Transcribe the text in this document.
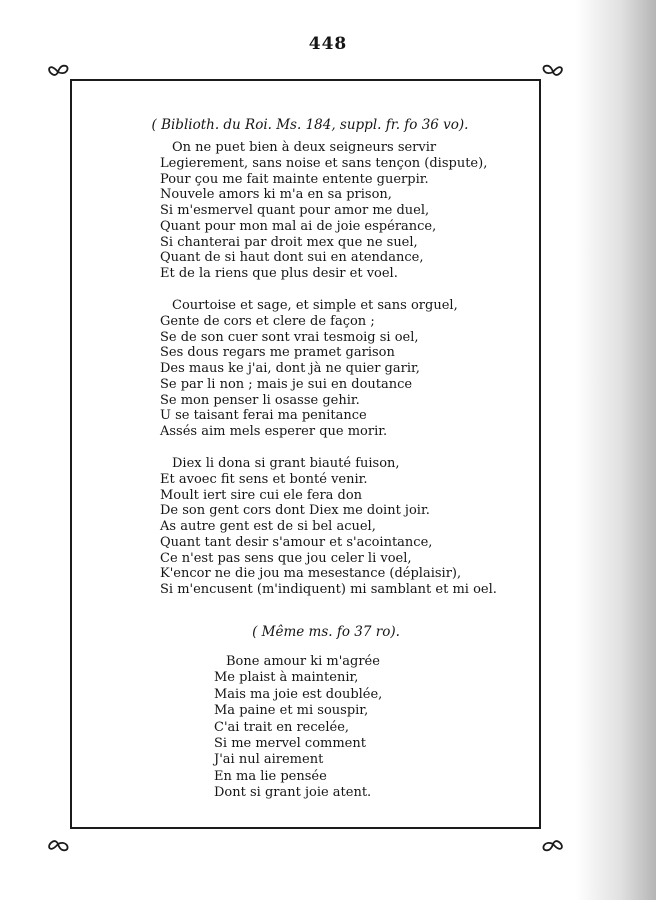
448

( Biblioth. du Roi. Ms. 184, suppl. fr. fo 36 vo).

On ne puet bien à deux seigneurs servir
Legierement, sans noise et sans tençon (dispute),
Pour çou me fait mainte entente guerpir.
Nouvele amors ki m'a en sa prison,
Si m'esmervel quant pour amor me duel,
Quant pour mon mal ai de joie espérance,
Si chanterai par droit mex que ne suel,
Quant de si haut dont sui en atendance,
Et de la riens que plus desir et voel.
Courtoise et sage, et simple et sans orguel,
Gente de cors et clere de façon ;
Se de son cuer sont vrai tesmoig si oel,
Ses dous regars me pramet garison
Des maus ke j'ai, dont jà ne quier garir,
Se par li non ; mais je sui en doutance
Se mon penser li osasse gehir.
U se taisant ferai ma penitance
Assés aim mels esperer que morir.
Diex li dona si grant biauté fuison,
Et avoec fit sens et bonté venir.
Moult iert sire cui ele fera don
De son gent cors dont Diex me doint joir.
As autre gent est de si bel acuel,
Quant tant desir s'amour et s'acointance,
Ce n'est pas sens que jou celer li voel,
K'encor ne die jou ma mesestance (déplaisir),
Si m'encusent (m'indiquent) mi samblant et mi oel.

( Même ms. fo 37 ro).

Bone amour ki m'agrée
Me plaist à maintenir,
Mais ma joie est doublée,
Ma paine et mi souspir,
C'ai trait en recelée,
Si me mervel comment
J'ai nul airement
En ma lie pensée
Dont si grant joie atent.
